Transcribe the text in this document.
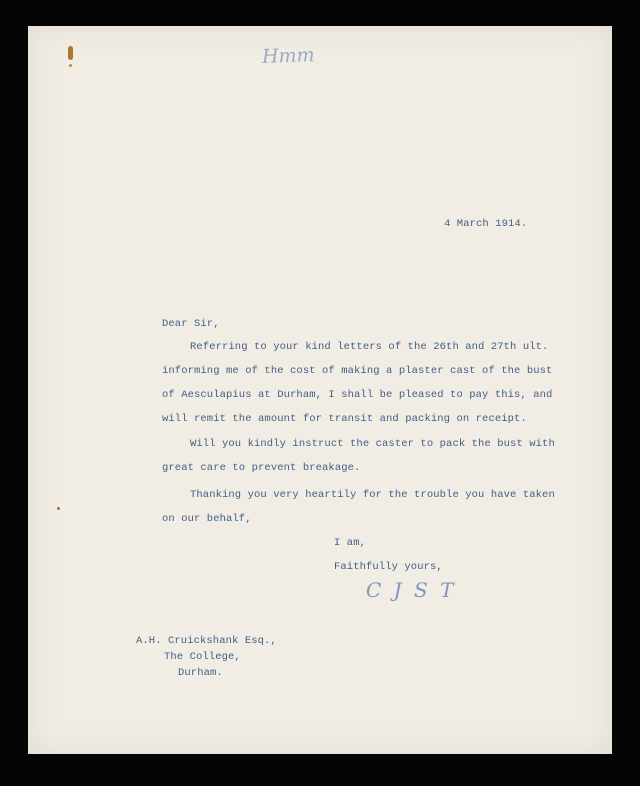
Hmm
4 March 1914.
Dear Sir,
Referring to your kind letters of the 26th and 27th ult.
informing me of the cost of making a plaster cast of the bust
of Aesculapius at Durham, I shall be pleased to pay this, and
will remit the amount for transit and packing on receipt.
Will you kindly instruct the caster to pack the bust with
great care to prevent breakage.
Thanking you very heartily for the trouble you have taken
on our behalf,
I am,
Faithfully yours,
C J S T
A.H. Cruickshank Esq.,
The College,
Durham.
